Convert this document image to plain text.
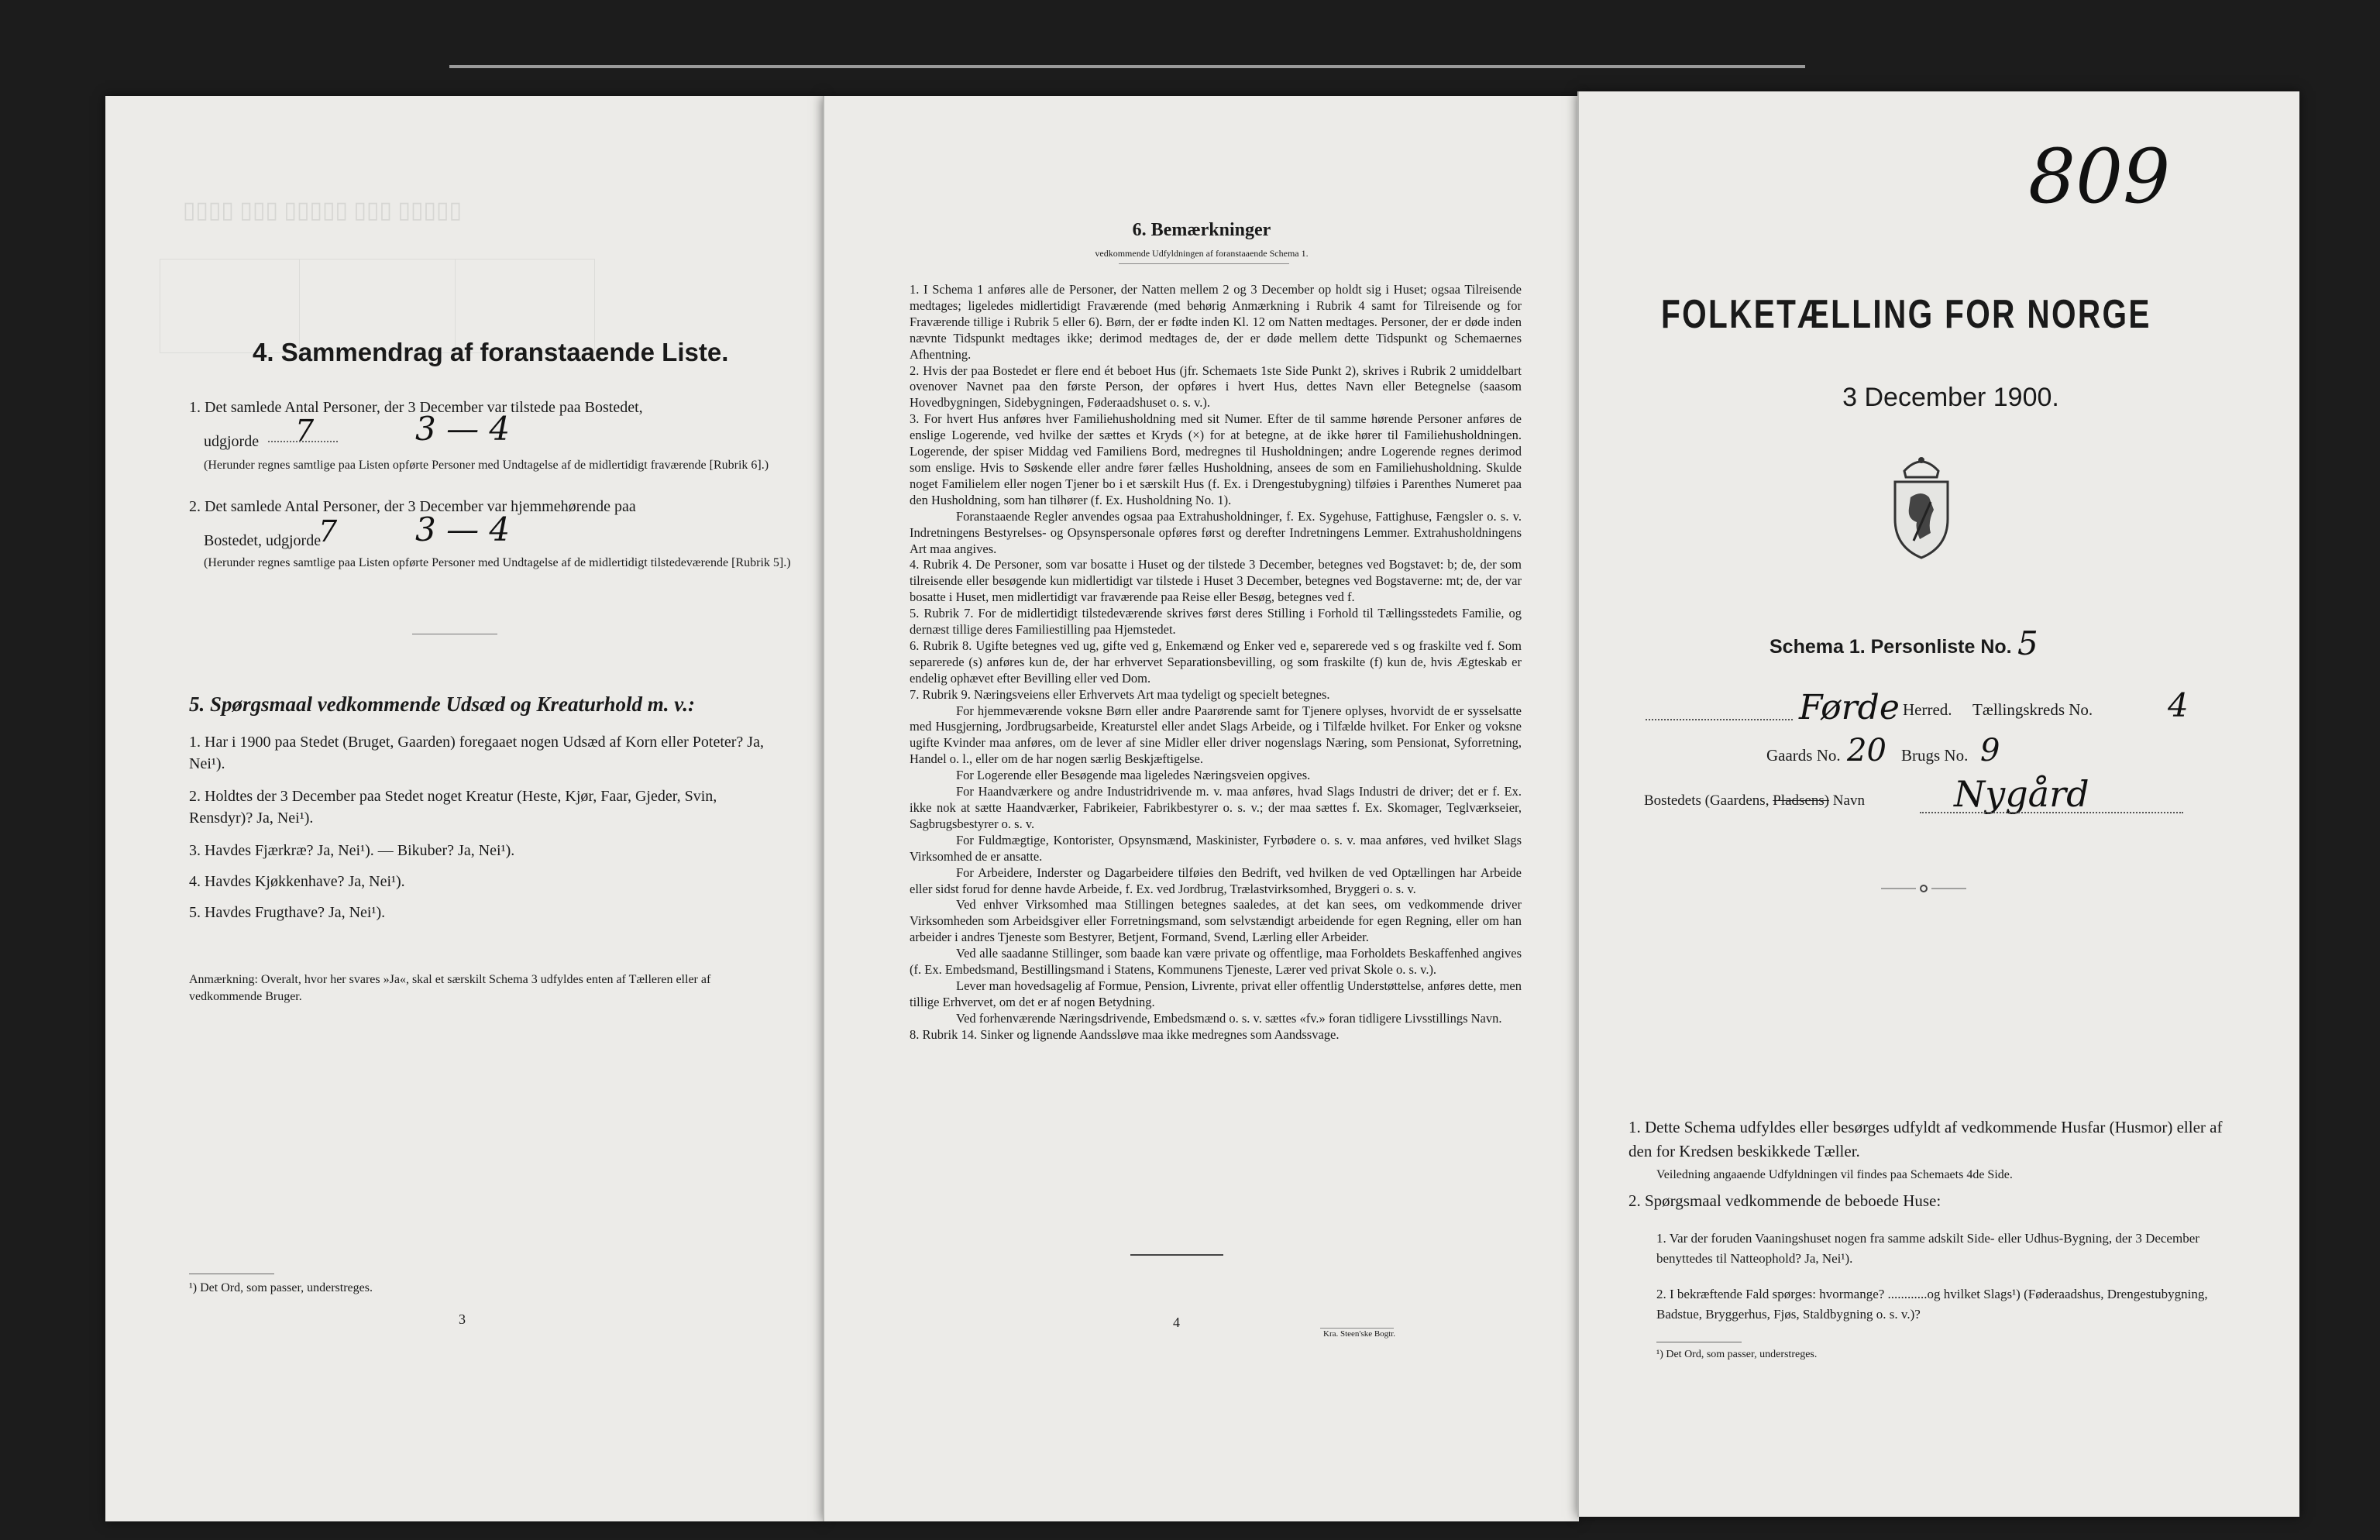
▯▯▯▯▯ ▯▯▯ ▯▯▯▯▯ ▯▯▯ ▯▯▯▯
4. Sammendrag af foranstaaende Liste.
1. Det samlede Antal Personer, der 3 December var tilstede paa Bostedet,
udgjorde 7	3 — 4
(Herunder regnes samtlige paa Listen opførte Personer med Undtagelse af de midlertidigt fraværende [Rubrik 6].)
2. Det samlede Antal Personer, der 3 December var hjemmehørende paa
Bostedet, udgjorde
7 3 — 4
(Herunder regnes samtlige paa Listen opførte Personer med Undtagelse af de midlertidigt tilstedeværende [Rubrik 5].)
5. Spørgsmaal vedkommende Udsæd og Kreaturhold m. v.:
1. Har i 1900 paa Stedet (Bruget, Gaarden) foregaaet nogen Udsæd af Korn eller Poteter? Ja, Nei¹).
2. Holdtes der 3 December paa Stedet noget Kreatur (Heste, Kjør, Faar, Gjeder, Svin, Rensdyr)? Ja, Nei¹).
3. Havdes Fjærkræ? Ja, Nei¹). — Bikuber? Ja, Nei¹).
4. Havdes Kjøkkenhave? Ja, Nei¹).
5. Havdes Frugthave? Ja, Nei¹).
Anmærkning: Overalt, hvor her svares »Ja«, skal et særskilt Schema 3 udfyldes enten af Tælleren eller af vedkommende Bruger.
¹) Det Ord, som passer, understreges.
3
6. Bemærkninger
vedkommende Udfyldningen af foranstaaende Schema 1.

1. I Schema 1 anføres alle de Personer, der Natten mellem 2 og 3 December op holdt sig i Huset; ogsaa Tilreisende medtages; ligeledes midlertidigt Fraværende (med behørig Anmærkning i Rubrik 4 samt for Tilreisende og for Fraværende tillige i Rubrik 5 eller 6). Børn, der er fødte inden Kl. 12 om Natten medtages. Personer, der er døde inden nævnte Tidspunkt medtages ikke; derimod medtages de, der er døde mellem dette Tidspunkt og Schemaernes Afhentning.

2. Hvis der paa Bostedet er flere end ét beboet Hus (jfr. Schemaets 1ste Side Punkt 2), skrives i Rubrik 2 umiddelbart ovenover Navnet paa den første Person, der opføres i hvert Hus, dettes Navn eller Betegnelse (saasom Hovedbygningen, Sidebygningen, Føderaadshuset o. s. v.).

3. For hvert Hus anføres hver Familiehusholdning med sit Numer. Efter de til samme hørende Personer anføres de enslige Logerende, ved hvilke der sættes et Kryds (×) for at betegne, at de ikke hører til Familiehusholdningen. Logerende, der spiser Middag ved Familiens Bord, medregnes til Husholdningen; andre Logerende regnes derimod som enslige. Hvis to Søskende eller andre fører fælles Husholdning, ansees de som en Familiehusholdning. Skulde noget Familielem eller nogen Tjener bo i et særskilt Hus (f. Ex. i Drengestubygning) tilføies i Parenthes Numeret paa den Husholdning, som han tilhører (f. Ex. Husholdning No. 1).

Foranstaaende Regler anvendes ogsaa paa Extrahusholdninger, f. Ex. Sygehuse, Fattighuse, Fængsler o. s. v. Indretningens Bestyrelses- og Opsynspersonale opføres først og derefter Indretningens Lemmer. Extrahusholdningens Art maa angives.

4. Rubrik 4. De Personer, som var bosatte i Huset og der tilstede 3 December, betegnes ved Bogstavet: b; de, der som tilreisende eller besøgende kun midlertidigt var tilstede i Huset 3 December, betegnes ved Bogstaverne: mt; de, der var bosatte i Huset, men midlertidigt var fraværende paa Reise eller Besøg, betegnes ved f.

5. Rubrik 7. For de midlertidigt tilstedeværende skrives først deres Stilling i Forhold til Tællingsstedets Familie, og dernæst tillige deres Familiestilling paa Hjemstedet.

6. Rubrik 8. Ugifte betegnes ved ug, gifte ved g, Enkemænd og Enker ved e, separerede ved s og fraskilte ved f. Som separerede (s) anføres kun de, der har erhvervet Separationsbevilling, og som fraskilte (f) kun de, hvis Ægteskab er endelig ophævet efter Bevilling eller ved Dom.

7. Rubrik 9. Næringsveiens eller Erhvervets Art maa tydeligt og specielt betegnes.

For hjemmeværende voksne Børn eller andre Paarørende samt for Tjenere oplyses, hvorvidt de er sysselsatte med Husgjerning, Jordbrugsarbeide, Kreaturstel eller andet Slags Arbeide, og i Tilfælde hvilket. For Enker og voksne ugifte Kvinder maa anføres, om de lever af sine Midler eller driver nogenslags Næring, som Pensionat, Syforretning, Handel o. l., eller om de har nogen særlig Beskjæftigelse.

For Logerende eller Besøgende maa ligeledes Næringsveien opgives.

For Haandværkere og andre Industridrivende m. v. maa anføres, hvad Slags Industri de driver; det er f. Ex. ikke nok at sætte Haandværker, Fabrikeier, Fabrikbestyrer o. s. v.; der maa sættes f. Ex. Skomager, Teglværkseier, Sagbrugsbestyrer o. s. v.

For Fuldmægtige, Kontorister, Opsynsmænd, Maskinister, Fyrbødere o. s. v. maa anføres, ved hvilket Slags Virksomhed de er ansatte.

For Arbeidere, Inderster og Dagarbeidere tilføies den Bedrift, ved hvilken de ved Optællingen har Arbeide eller sidst forud for denne havde Arbeide, f. Ex. ved Jordbrug, Trælastvirksomhed, Bryggeri o. s. v.

Ved enhver Virksomhed maa Stillingen betegnes saaledes, at det kan sees, om vedkommende driver Virksomheden som Arbeidsgiver eller Forretningsmand, som selvstændigt arbeidende for egen Regning, eller om han arbeider i andres Tjeneste som Bestyrer, Betjent, Formand, Svend, Lærling eller Arbeider.

Ved alle saadanne Stillinger, som baade kan være private og offentlige, maa Forholdets Beskaffenhed angives (f. Ex. Embedsmand, Bestillingsmand i Statens, Kommunens Tjeneste, Lærer ved privat Skole o. s. v.).

Lever man hovedsagelig af Formue, Pension, Livrente, privat eller offentlig Understøttelse, anføres dette, men tillige Erhvervet, om det er af nogen Betydning.

Ved forhenværende Næringsdrivende, Embedsmænd o. s. v. sættes «fv.» foran tidligere Livsstillings Navn.

8. Rubrik 14. Sinker og lignende Aandssløve maa ikke medregnes som Aandssvage.

4
Kra. Steen'ske Bogtr.
809
FOLKETÆLLING FOR NORGE
3 December 1900.
Schema 1. Personliste No. 5
Førde Herred. Tællingskreds No. 4
Gaards No. 20 Brugs No. 9
Bostedets (Gaardens, Pladsens) Navn	Nygård
1. Dette Schema udfyldes eller besørges udfyldt af vedkommende Husfar (Husmor) eller af den for Kredsen beskikkede Tæller.
Veiledning angaaende Udfyldningen vil findes paa Schemaets 4de Side.
2. Spørgsmaal vedkommende de beboede Huse:
1. Var der foruden Vaaningshuset nogen fra samme adskilt Side- eller Udhus-Bygning, der 3 December benyttedes til Natteophold? Ja, Nei¹).
2. I bekræftende Fald spørges: hvormange? ............og hvilket Slags¹) (Føderaadshus, Drengestubygning, Badstue, Bryggerhus, Fjøs, Staldbygning o. s. v.)?
¹) Det Ord, som passer, understreges.
